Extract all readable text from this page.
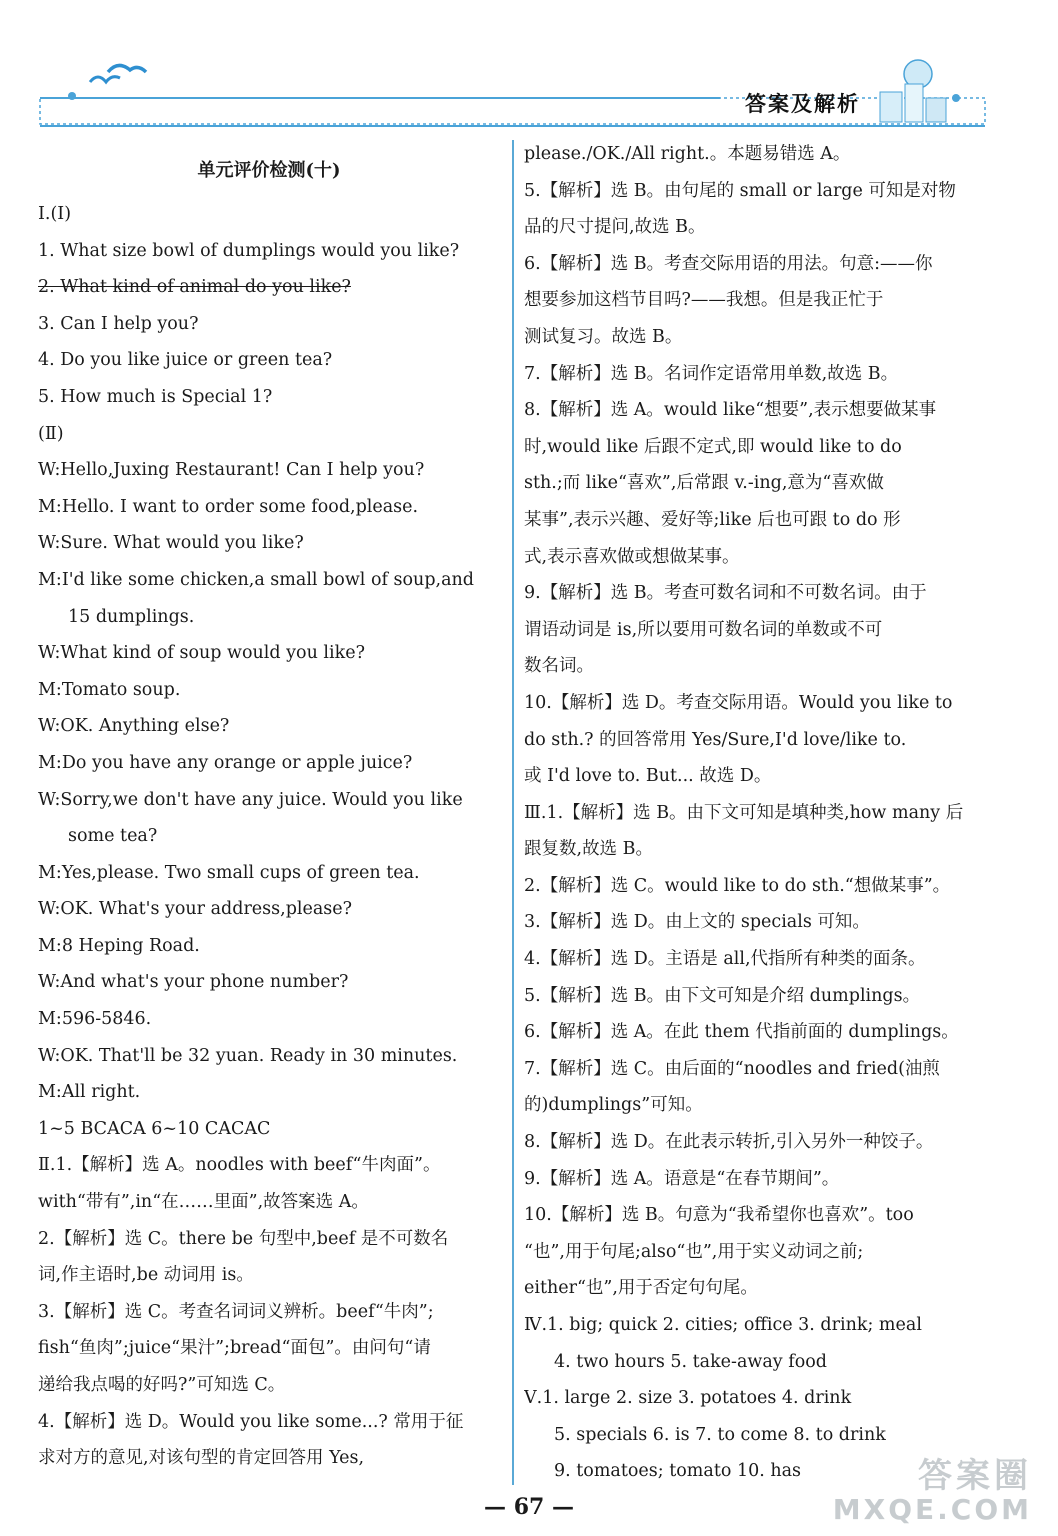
答案及解析
单元评价检测(十)
Ⅰ.(Ⅰ)
1. What size bowl of dumplings would you like?
2. What kind of animal do you like?
3. Can I help you?
4. Do you like juice or green tea?
5. How much is Special 1?
(Ⅱ)
W:Hello,Juxing Restaurant! Can I help you?
M:Hello. I want to order some food,please.
W:Sure. What would you like?
M:I'd like some chicken,a small bowl of soup,and
15 dumplings.
W:What kind of soup would you like?
M:Tomato soup.
W:OK. Anything else?
M:Do you have any orange or apple juice?
W:Sorry,we don't have any juice. Would you like
some tea?
M:Yes,please. Two small cups of green tea.
W:OK. What's your address,please?
M:8 Heping Road.
W:And what's your phone number?
M:596-5846.
W:OK. That'll be 32 yuan. Ready in 30 minutes.
M:All right.
1~5 BCACA 6~10 CACAC
Ⅱ.1.【解析】选 A。noodles with beef“牛肉面”。
with“带有”,in“在……里面”,故答案选 A。
2.【解析】选 C。there be 句型中,beef 是不可数名
词,作主语时,be 动词用 is。
3.【解析】选 C。考查名词词义辨析。beef“牛肉”;
fish“鱼肉”;juice“果汁”;bread“面包”。由问句“请
递给我点喝的好吗?”可知选 C。
4.【解析】选 D。Would you like some...? 常用于征
求对方的意见,对该句型的肯定回答用 Yes,
please./OK./All right.。本题易错选 A。
5.【解析】选 B。由句尾的 small or large 可知是对物
品的尺寸提问,故选 B。
6.【解析】选 B。考查交际用语的用法。句意:——你
想要参加这档节目吗?——我想。但是我正忙于
测试复习。故选 B。
7.【解析】选 B。名词作定语常用单数,故选 B。
8.【解析】选 A。would like“想要”,表示想要做某事
时,would like 后跟不定式,即 would like to do
sth.;而 like“喜欢”,后常跟 v.-ing,意为“喜欢做
某事”,表示兴趣、爱好等;like 后也可跟 to do 形
式,表示喜欢做或想做某事。
9.【解析】选 B。考查可数名词和不可数名词。由于
谓语动词是 is,所以要用可数名词的单数或不可
数名词。
10.【解析】选 D。考查交际用语。Would you like to
do sth.? 的回答常用 Yes/Sure,I'd love/like to.
或 I'd love to. But... 故选 D。
Ⅲ.1.【解析】选 B。由下文可知是填种类,how many 后
跟复数,故选 B。
2.【解析】选 C。would like to do sth.“想做某事”。
3.【解析】选 D。由上文的 specials 可知。
4.【解析】选 D。主语是 all,代指所有种类的面条。
5.【解析】选 B。由下文可知是介绍 dumplings。
6.【解析】选 A。在此 them 代指前面的 dumplings。
7.【解析】选 C。由后面的“noodles and fried(油煎
的)dumplings”可知。
8.【解析】选 D。在此表示转折,引入另外一种饺子。
9.【解析】选 A。语意是“在春节期间”。
10.【解析】选 B。句意为“我希望你也喜欢”。too
“也”,用于句尾;also“也”,用于实义动词之前;
either“也”,用于否定句句尾。
Ⅳ.1. big; quick 2. cities; office 3. drink; meal
4. two hours 5. take-away food
Ⅴ.1. large 2. size 3. potatoes 4. drink
5. specials 6. is 7. to come 8. to drink
9. tomatoes; tomato 10. has
— 67 —
答案圈
MXQE.COM
